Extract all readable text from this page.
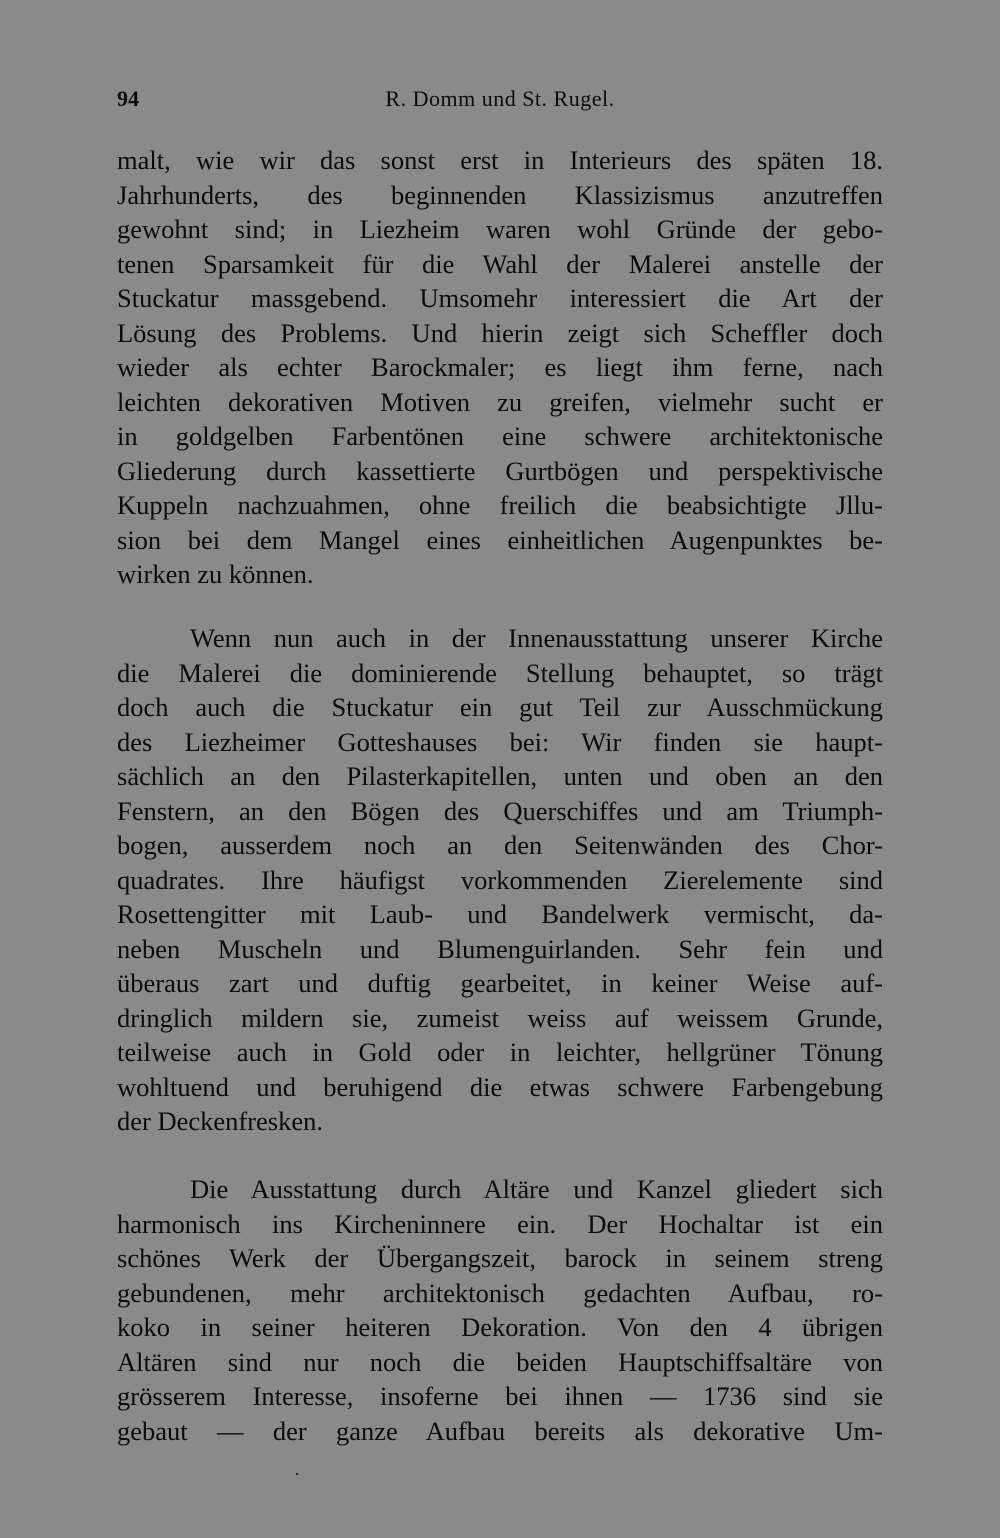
94	R. Domm und St. Rugel.
malt, wie wir das sonst erst in Interieurs des späten 18.
Jahrhunderts, des beginnenden Klassizismus anzutreffen
gewohnt sind; in Liezheim waren wohl Gründe der gebo-
tenen Sparsamkeit für die Wahl der Malerei anstelle der
Stuckatur massgebend. Umsomehr interessiert die Art der
Lösung des Problems. Und hierin zeigt sich Scheffler doch
wieder als echter Barockmaler; es liegt ihm ferne, nach
leichten dekorativen Motiven zu greifen, vielmehr sucht er
in goldgelben Farbentönen eine schwere architektonische
Gliederung durch kassettierte Gurtbögen und perspektivische
Kuppeln nachzuahmen, ohne freilich die beabsichtigte Jllu-
sion bei dem Mangel eines einheitlichen Augenpunktes be-
wirken zu können.
Wenn nun auch in der Innenausstattung unserer Kirche
die Malerei die dominierende Stellung behauptet, so trägt
doch auch die Stuckatur ein gut Teil zur Ausschmückung
des Liezheimer Gotteshauses bei: Wir finden sie haupt-
sächlich an den Pilasterkapitellen, unten und oben an den
Fenstern, an den Bögen des Querschiffes und am Triumph-
bogen, ausserdem noch an den Seitenwänden des Chor-
quadrates. Ihre häufigst vorkommenden Zierelemente sind
Rosettengitter mit Laub- und Bandelwerk vermischt, da-
neben Muscheln und Blumenguirlanden. Sehr fein und
überaus zart und duftig gearbeitet, in keiner Weise auf-
dringlich mildern sie, zumeist weiss auf weissem Grunde,
teilweise auch in Gold oder in leichter, hellgrüner Tönung
wohltuend und beruhigend die etwas schwere Farbengebung
der Deckenfresken.
Die Ausstattung durch Altäre und Kanzel gliedert sich
harmonisch ins Kircheninnere ein. Der Hochaltar ist ein
schönes Werk der Übergangszeit, barock in seinem streng
gebundenen, mehr architektonisch gedachten Aufbau, ro-
koko in seiner heiteren Dekoration. Von den 4 übrigen
Altären sind nur noch die beiden Hauptschiffsaltäre von
grösserem Interesse, insoferne bei ihnen — 1736 sind sie
gebaut — der ganze Aufbau bereits als dekorative Um-
